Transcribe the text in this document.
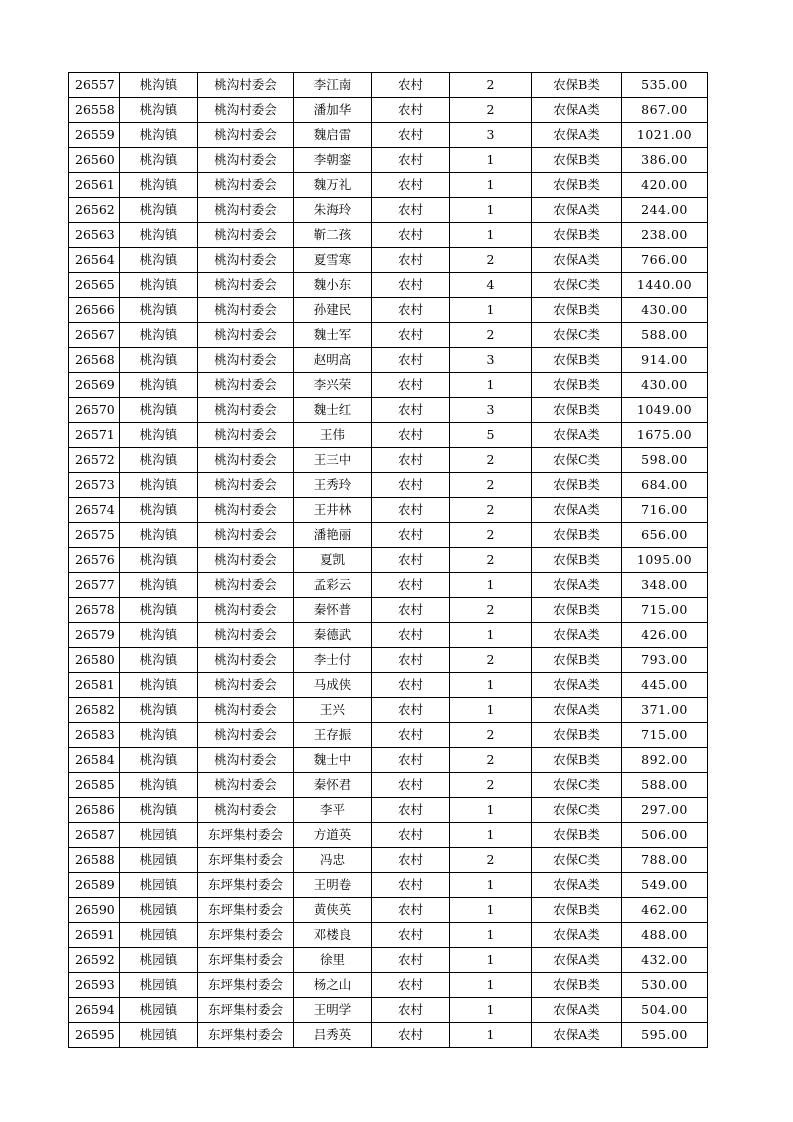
26557	桃沟镇	桃沟村委会	李江南	农村	2	农保B类	535.00
26558	桃沟镇	桃沟村委会	潘加华	农村	2	农保A类	867.00
26559	桃沟镇	桃沟村委会	魏启雷	农村	3	农保A类	1021.00
26560	桃沟镇	桃沟村委会	李朝銮	农村	1	农保B类	386.00
26561	桃沟镇	桃沟村委会	魏万礼	农村	1	农保B类	420.00
26562	桃沟镇	桃沟村委会	朱海玲	农村	1	农保A类	244.00
26563	桃沟镇	桃沟村委会	靳二孩	农村	1	农保B类	238.00
26564	桃沟镇	桃沟村委会	夏雪寒	农村	2	农保A类	766.00
26565	桃沟镇	桃沟村委会	魏小东	农村	4	农保C类	1440.00
26566	桃沟镇	桃沟村委会	孙建民	农村	1	农保B类	430.00
26567	桃沟镇	桃沟村委会	魏士军	农村	2	农保C类	588.00
26568	桃沟镇	桃沟村委会	赵明高	农村	3	农保B类	914.00
26569	桃沟镇	桃沟村委会	李兴荣	农村	1	农保B类	430.00
26570	桃沟镇	桃沟村委会	魏士红	农村	3	农保B类	1049.00
26571	桃沟镇	桃沟村委会	王伟	农村	5	农保A类	1675.00
26572	桃沟镇	桃沟村委会	王三中	农村	2	农保C类	598.00
26573	桃沟镇	桃沟村委会	王秀玲	农村	2	农保B类	684.00
26574	桃沟镇	桃沟村委会	王井林	农村	2	农保A类	716.00
26575	桃沟镇	桃沟村委会	潘艳丽	农村	2	农保B类	656.00
26576	桃沟镇	桃沟村委会	夏凯	农村	2	农保B类	1095.00
26577	桃沟镇	桃沟村委会	孟彩云	农村	1	农保A类	348.00
26578	桃沟镇	桃沟村委会	秦怀普	农村	2	农保B类	715.00
26579	桃沟镇	桃沟村委会	秦德武	农村	1	农保A类	426.00
26580	桃沟镇	桃沟村委会	李士付	农村	2	农保B类	793.00
26581	桃沟镇	桃沟村委会	马成侠	农村	1	农保A类	445.00
26582	桃沟镇	桃沟村委会	王兴	农村	1	农保A类	371.00
26583	桃沟镇	桃沟村委会	王存振	农村	2	农保B类	715.00
26584	桃沟镇	桃沟村委会	魏士中	农村	2	农保B类	892.00
26585	桃沟镇	桃沟村委会	秦怀君	农村	2	农保C类	588.00
26586	桃沟镇	桃沟村委会	李平	农村	1	农保C类	297.00
26587	桃园镇	东坪集村委会	方道英	农村	1	农保B类	506.00
26588	桃园镇	东坪集村委会	冯忠	农村	2	农保C类	788.00
26589	桃园镇	东坪集村委会	王明卷	农村	1	农保A类	549.00
26590	桃园镇	东坪集村委会	黄侠英	农村	1	农保B类	462.00
26591	桃园镇	东坪集村委会	邓楼良	农村	1	农保A类	488.00
26592	桃园镇	东坪集村委会	徐里	农村	1	农保A类	432.00
26593	桃园镇	东坪集村委会	杨之山	农村	1	农保B类	530.00
26594	桃园镇	东坪集村委会	王明学	农村	1	农保A类	504.00
26595	桃园镇	东坪集村委会	吕秀英	农村	1	农保A类	595.00
